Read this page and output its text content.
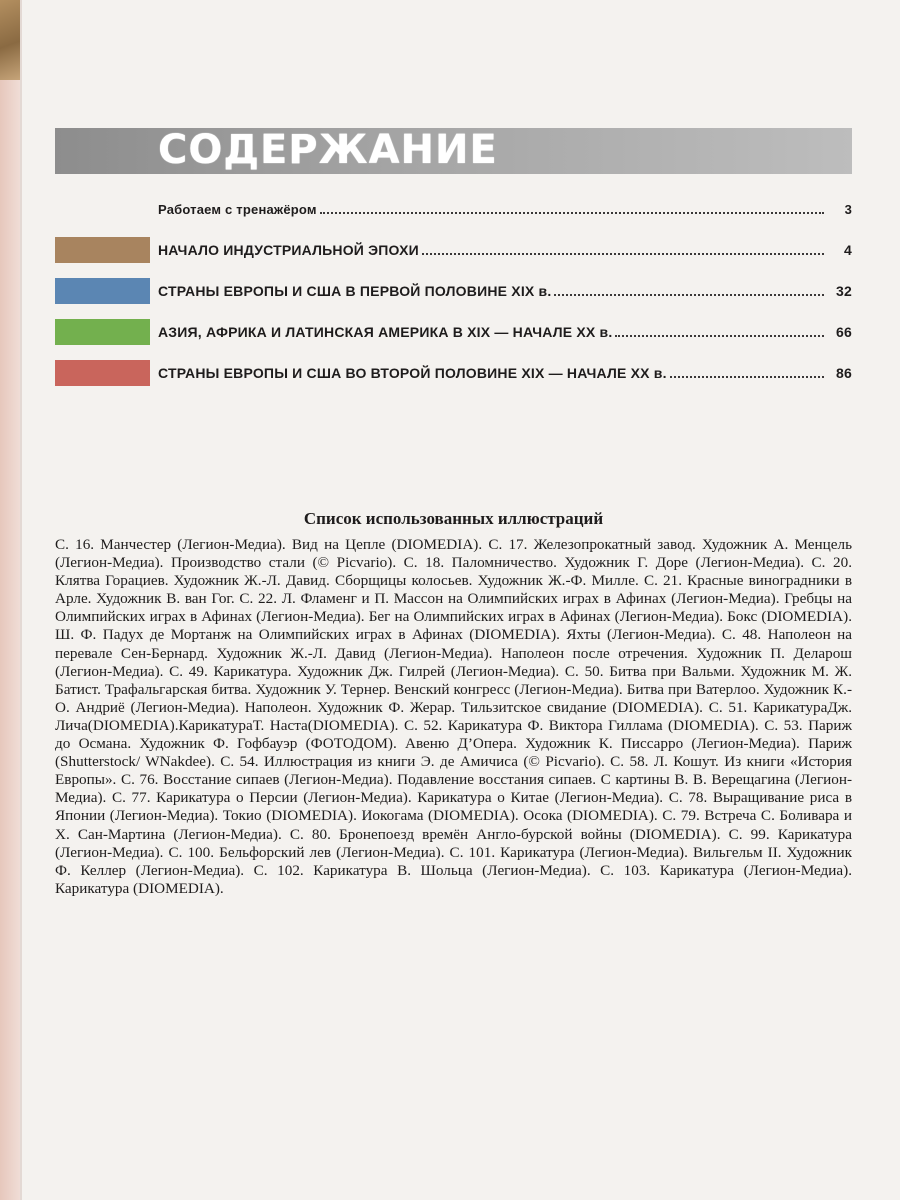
СОДЕРЖАНИЕ
Работаем с тренажёром	3
НАЧАЛО ИНДУСТРИАЛЬНОЙ ЭПОХИ	4
СТРАНЫ ЕВРОПЫ И США В ПЕРВОЙ ПОЛОВИНЕ XIX в.	32
АЗИЯ, АФРИКА И ЛАТИНСКАЯ АМЕРИКА В XIX — НАЧАЛЕ XX в.	66
СТРАНЫ ЕВРОПЫ И США ВО ВТОРОЙ ПОЛОВИНЕ XIX — НАЧАЛЕ XX в.	86
Список использованных иллюстраций

С. 16. Манчестер (Легион-Медиа). Вид на Цепле (DIOMEDIA). С. 17. Железопрокатный завод. Художник А. Менцель (Легион-Медиа). Производство стали (© Picvario). С. 18. Паломничество. Художник Г. Доре (Легион-Медиа). С. 20. Клятва Горациев. Художник Ж.-Л. Давид. Сборщицы колосьев. Художник Ж.-Ф. Милле. С. 21. Красные виноградники в Арле. Художник В. ван Гог. С. 22. Л. Фламенг и П. Массон на Олимпийских играх в Афинах (Легион-Медиа). Гребцы на Олимпийских играх в Афинах (Легион-Медиа). Бег на Олимпийских играх в Афинах (Легион-Медиа). Бокс (DIOMEDIA). Ш. Ф. Падух де Мортанж на Олимпийских играх в Афинах (DIOMEDIA). Яхты (Легион-Медиа). С. 48. Наполеон на перевале Сен-Бернард. Художник Ж.-Л. Давид (Легион-Медиа). Наполеон после отречения. Художник П. Деларош (Легион-Медиа). С. 49. Карикатура. Художник Дж. Гилрей (Легион-Медиа). С. 50. Битва при Вальми. Художник М. Ж. Батист. Трафальгарская битва. Художник У. Тернер. Венский конгресс (Легион-Медиа). Битва при Ватерлоо. Художник К.-О. Андриё (Легион-Медиа). Наполеон. Художник Ф. Жерар. Тильзитское свидание (DIOMEDIA). С. 51. КарикатураДж. Лича(DIOMEDIA).КарикатураТ. Наста(DIOMEDIA). С. 52. Карикатура Ф. Виктора Гиллама (DIOMEDIA). С. 53. Париж до Османа. Художник Ф. Гофбауэр (ФОТОДОМ). Авеню Д’Опера. Художник К. Писсарро (Легион-Медиа). Париж (Shutterstock/ WNakdee). С. 54. Иллюстрация из книги Э. де Амичиса (© Picvario). С. 58. Л. Кошут. Из книги «История Европы». С. 76. Восстание сипаев (Легион-Медиа). Подавление восстания сипаев. С картины В. В. Верещагина (Легион-Медиа). С. 77. Карикатура о Персии (Легион-Медиа). Карикатура о Китае (Легион-Медиа). С. 78. Выращивание риса в Японии (Легион-Медиа). Токио (DIOMEDIA). Иокогама (DIOMEDIA). Осока (DIOMEDIA). С. 79. Встреча С. Боливара и Х. Сан-Мартина (Легион-Медиа). С. 80. Бронепоезд времён Англо-бурской войны (DIOMEDIA). С. 99. Карикатура (Легион-Медиа). С. 100. Бельфорский лев (Легион-Медиа). С. 101. Карикатура (Легион-Медиа). Вильгельм II. Художник Ф. Келлер (Легион-Медиа). С. 102. Карикатура В. Шольца (Легион-Медиа). С. 103. Карикатура (Легион-Медиа). Карикатура (DIOMEDIA).
